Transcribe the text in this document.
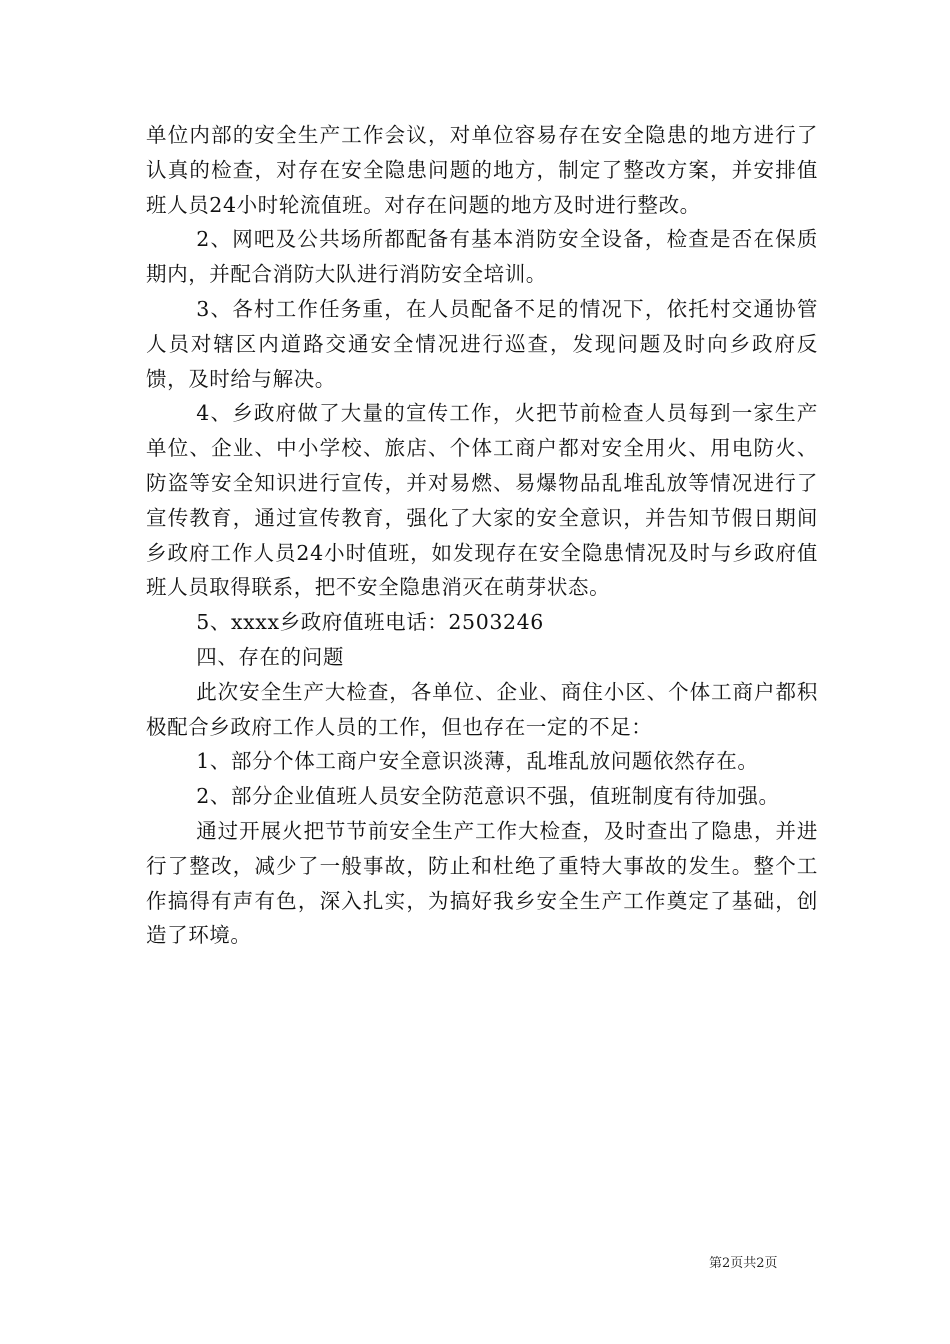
单位内部的安全生产工作会议，对单位容易存在安全隐患的地方进行了认真的检查，对存在安全隐患问题的地方，制定了整改方案，并安排值班人员24小时轮流值班。对存在问题的地方及时进行整改。

2、网吧及公共场所都配备有基本消防安全设备，检查是否在保质期内，并配合消防大队进行消防安全培训。

3、各村工作任务重，在人员配备不足的情况下，依托村交通协管人员对辖区内道路交通安全情况进行巡查，发现问题及时向乡政府反馈，及时给与解决。

4、乡政府做了大量的宣传工作，火把节前检查人员每到一家生产单位、企业、中小学校、旅店、个体工商户都对安全用火、用电防火、防盗等安全知识进行宣传，并对易燃、易爆物品乱堆乱放等情况进行了宣传教育，通过宣传教育，强化了大家的安全意识，并告知节假日期间乡政府工作人员24小时值班，如发现存在安全隐患情况及时与乡政府值班人员取得联系，把不安全隐患消灭在萌芽状态。

5、xxxx乡政府值班电话：2503246

四、存在的问题

此次安全生产大检查，各单位、企业、商住小区、个体工商户都积极配合乡政府工作人员的工作，但也存在一定的不足：

1、部分个体工商户安全意识淡薄，乱堆乱放问题依然存在。

2、部分企业值班人员安全防范意识不强，值班制度有待加强。

通过开展火把节节前安全生产工作大检查，及时查出了隐患，并进行了整改，减少了一般事故，防止和杜绝了重特大事故的发生。整个工作搞得有声有色，深入扎实，为搞好我乡安全生产工作奠定了基础，创造了环境。

第2页共2页
